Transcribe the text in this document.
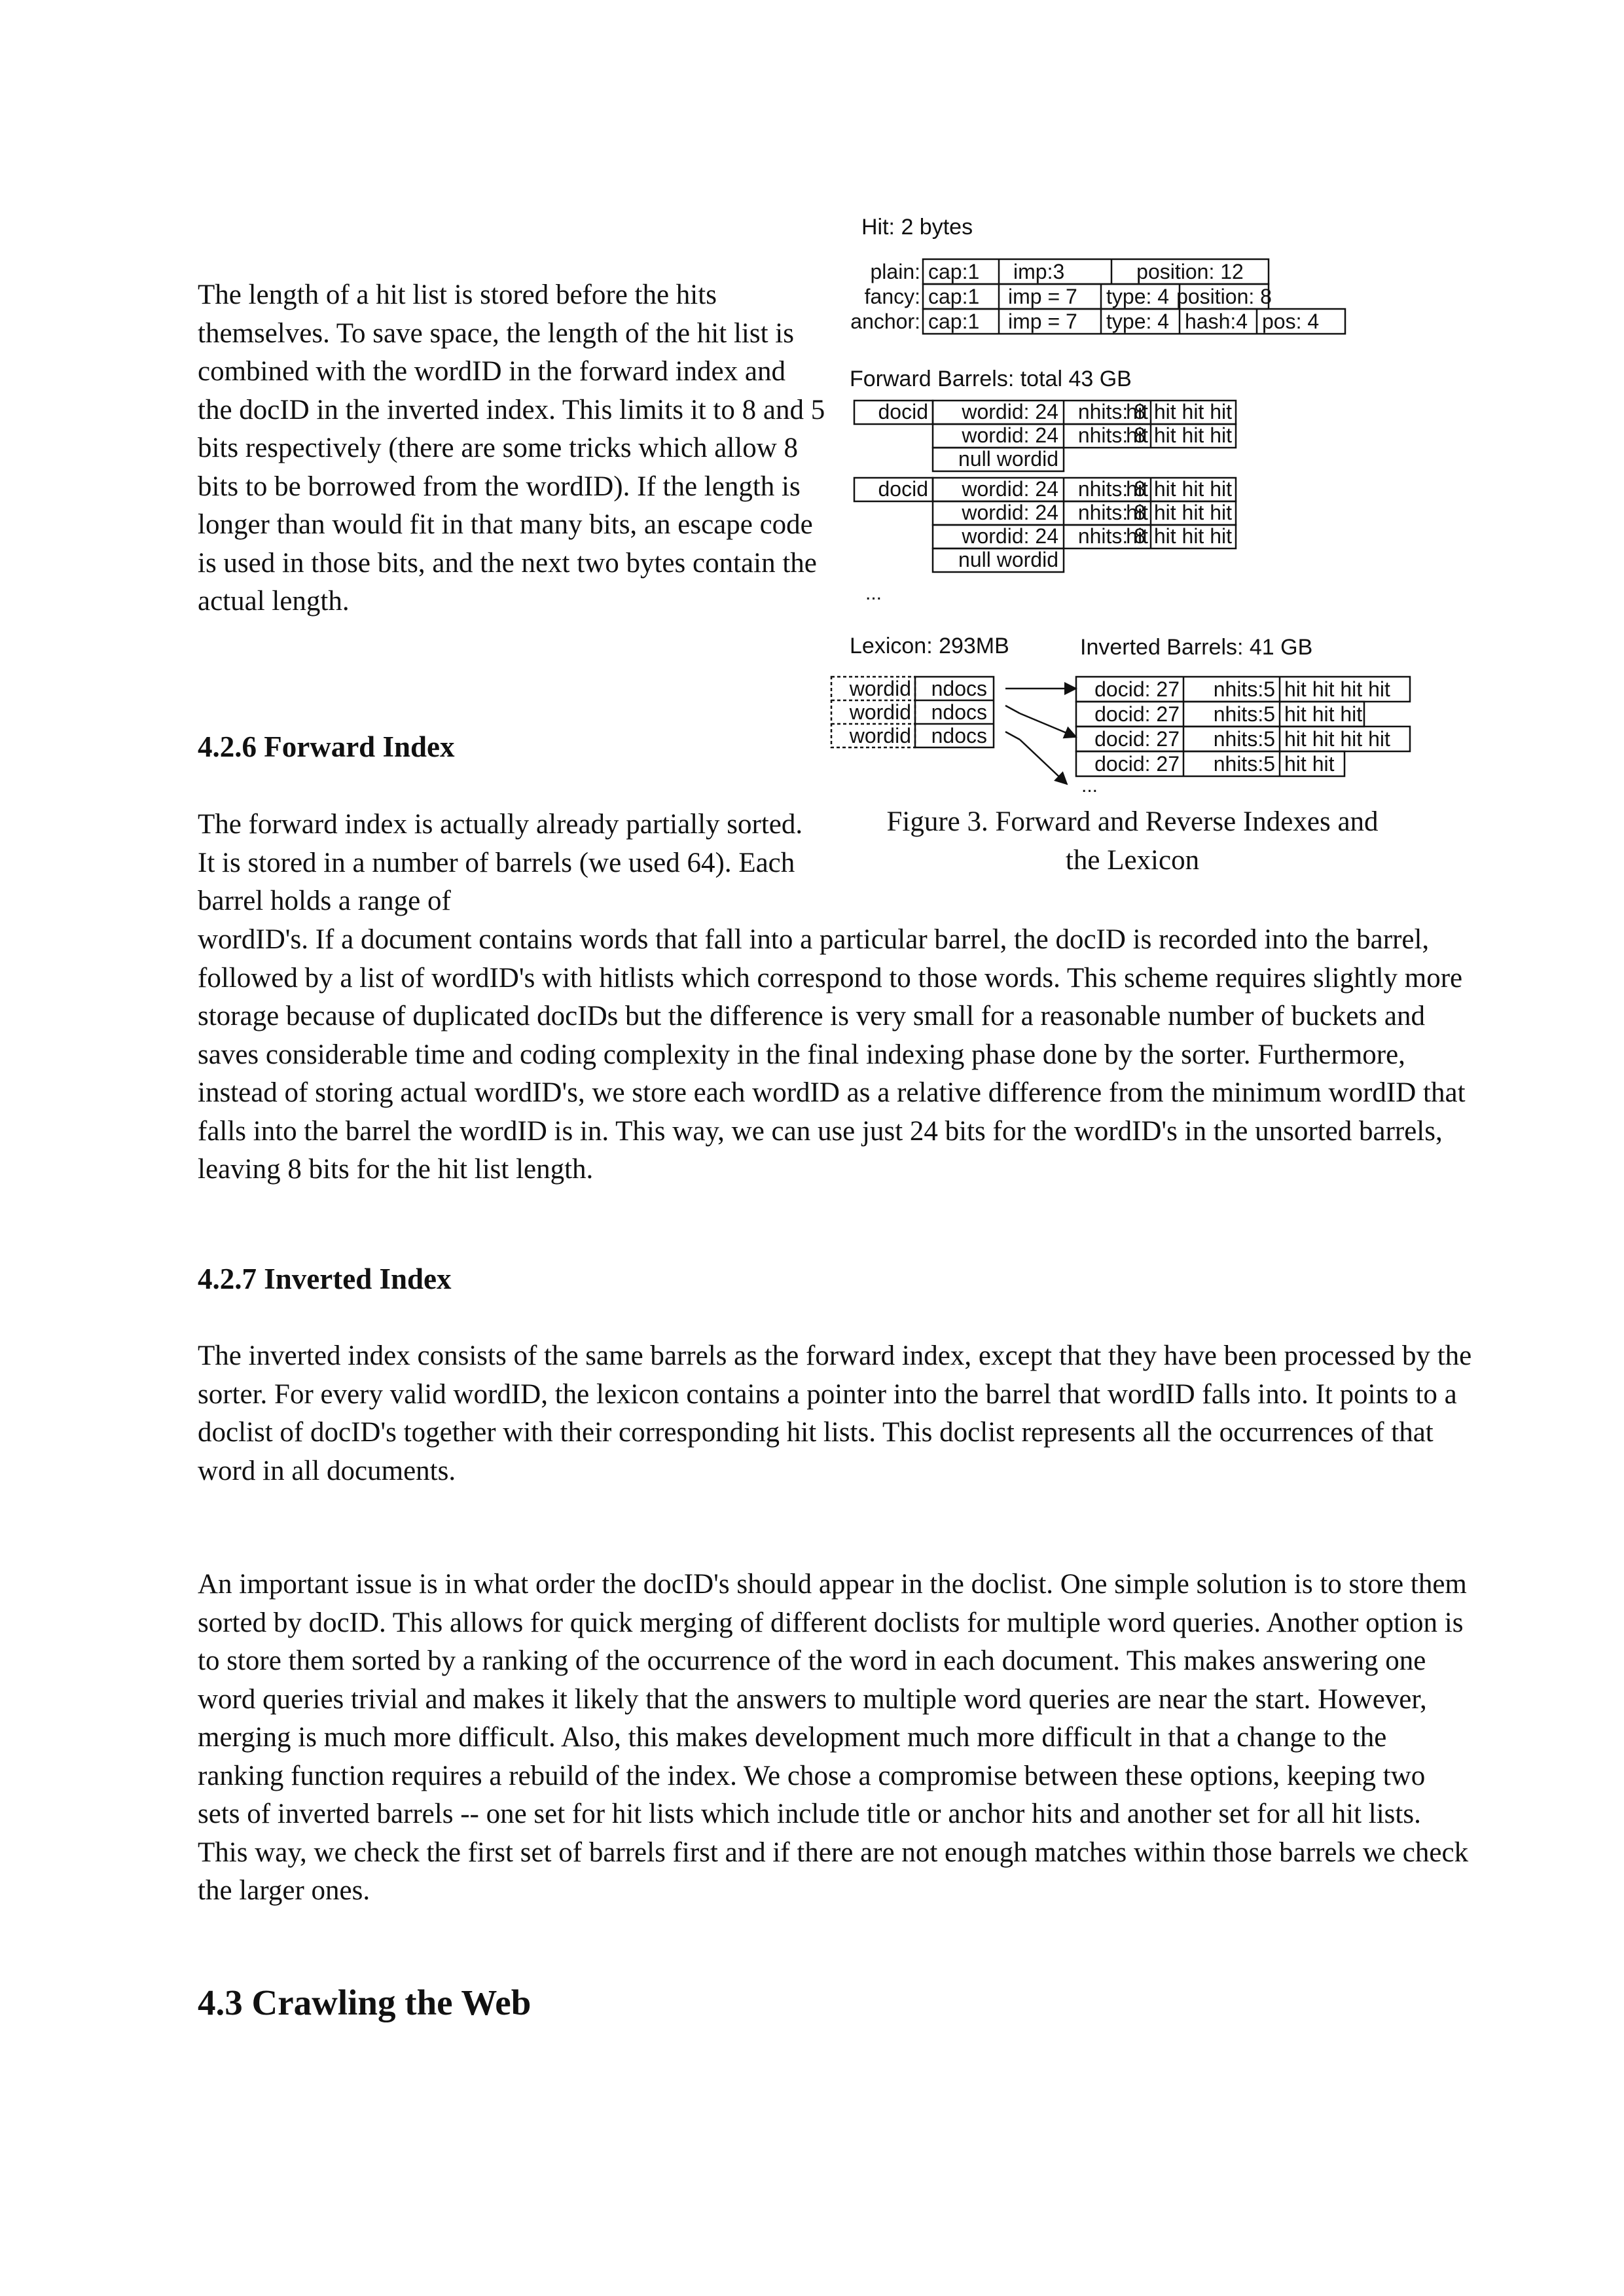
The length of a hit list is stored before the hits themselves. To save space, the length of the hit list is combined with the wordID in the forward index and the docID in the inverted index. This limits it to 8 and 5 bits respectively (there are some tricks which allow 8 bits to be borrowed from the wordID). If the length is longer than would fit in that many bits, an escape code is used in those bits, and the next two bytes contain the actual length.

4.2.6 Forward Index

The forward index is actually already partially sorted. It is stored in a number of barrels (we used 64). Each barrel holds a range of

wordID's. If a document contains words that fall into a particular barrel, the docID is recorded into the barrel, followed by a list of wordID's with hitlists which correspond to those words. This scheme requires slightly more storage because of duplicated docIDs but the difference is very small for a reasonable number of buckets and saves considerable time and coding complexity in the final indexing phase done by the sorter. Furthermore, instead of storing actual wordID's, we store each wordID as a relative difference from the minimum wordID that falls into the barrel the wordID is in. This way, we can use just 24 bits for the wordID's in the unsorted barrels, leaving 8 bits for the hit list length.

4.2.7 Inverted Index

The inverted index consists of the same barrels as the forward index, except that they have been processed by the sorter. For every valid wordID, the lexicon contains a pointer into the barrel that wordID falls into. It points to a doclist of docID's together with their corresponding hit lists. This doclist represents all the occurrences of that word in all documents.

An important issue is in what order the docID's should appear in the doclist. One simple solution is to store them sorted by docID. This allows for quick merging of different doclists for multiple word queries. Another option is to store them sorted by a ranking of the occurrence of the word in each document. This makes answering one word queries trivial and makes it likely that the answers to multiple word queries are near the start. However, merging is much more difficult. Also, this makes development much more difficult in that a change to the ranking function requires a rebuild of the index. We chose a compromise between these options, keeping two sets of inverted barrels -- one set for hit lists which include title or anchor hits and another set for all hit lists. This way, we check the first set of barrels first and if there are not enough matches within those barrels we check the larger ones.

4.3 Crawling the Web
Hit: 2 bytes
plain: cap:1 imp:3	position: 12
fancy: cap:1 imp = 7 type: 4 position: 8
anchor: cap:1 imp = 7 type: 4 hash:4 pos: 4
Forward Barrels: total 43 GB
docid wordid: 24 nhits: 8
hit hit hit hit
wordid: 24 nhits: 8
hit hit hit hit
null wordid
docid wordid: 24 nhits: 8
hit hit hit hit
wordid: 24 nhits: 8
hit hit hit hit
wordid: 24 nhits: 8
hit hit hit hit
null wordid
...
Lexicon: 293MB	Inverted Barrels: 41 GB
wordid ndocs
wordid ndocs
wordid ndocs
docid: 27 nhits:5 hit hit hit hit
docid: 27 nhits:5 hit hit hit
docid: 27 nhits:5 hit hit hit hit
docid: 27 nhits:5 hit hit
...
Figure 3. Forward and Reverse Indexes and
the Lexicon
